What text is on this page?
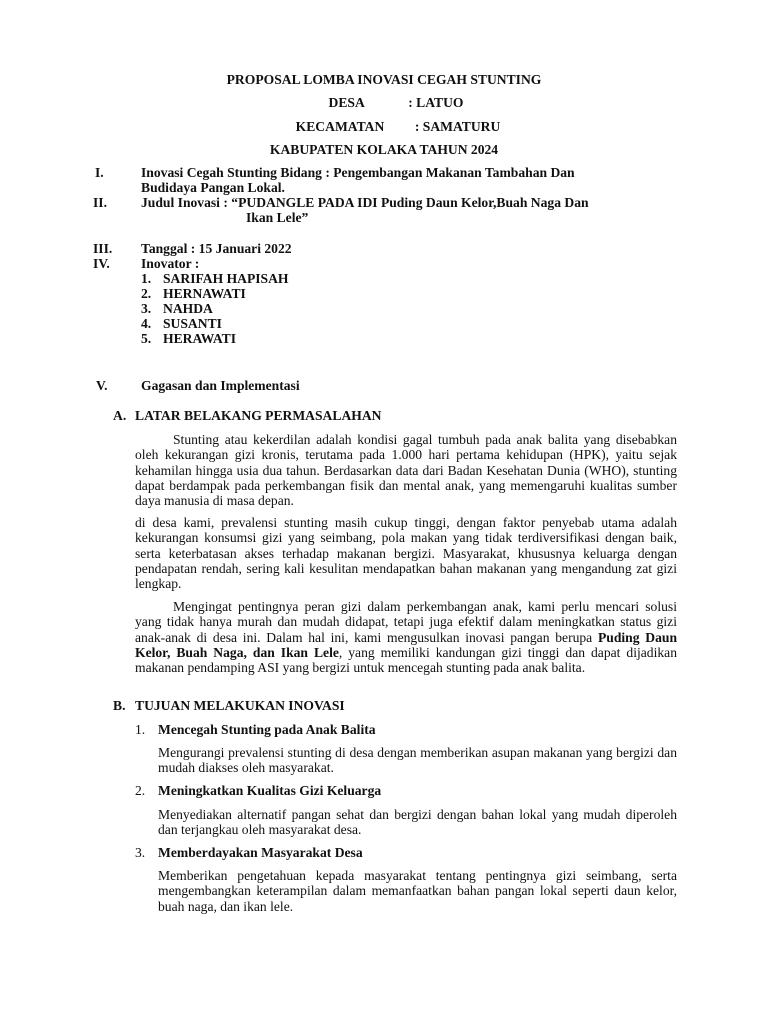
PROPOSAL LOMBA INOVASI CEGAH STUNTING
DESA             : LATUO
KECAMATAN         : SAMATURU
KABUPATEN KOLAKA TAHUN 2024
I.	Inovasi Cegah Stunting Bidang : Pengembangan Makanan Tambahan Dan
Budidaya Pangan Lokal.
II.	Judul Inovasi : “PUDANGLE PADA IDI Puding Daun Kelor,Buah Naga Dan
Ikan Lele”
III. Tanggal : 15 Januari 2022
IV. Inovator :
1. SARIFAH HAPISAH
2. HERNAWATI
3. NAHDA
4. SUSANTI
5. HERAWATI
V. Gagasan dan Implementasi
A. LATAR BELAKANG PERMASALAHAN
Stunting atau kekerdilan adalah kondisi gagal tumbuh pada anak balita yang disebabkan oleh kekurangan gizi kronis, terutama pada 1.000 hari pertama kehidupan (HPK), yaitu sejak kehamilan hingga usia dua tahun. Berdasarkan data dari Badan Kesehatan Dunia (WHO), stunting dapat berdampak pada perkembangan fisik dan mental anak, yang memengaruhi kualitas sumber daya manusia di masa depan.
di desa kami, prevalensi stunting masih cukup tinggi, dengan faktor penyebab utama adalah kekurangan konsumsi gizi yang seimbang, pola makan yang tidak terdiversifikasi dengan baik, serta keterbatasan akses terhadap makanan bergizi. Masyarakat, khususnya keluarga dengan pendapatan rendah, sering kali kesulitan mendapatkan bahan makanan yang mengandung zat gizi lengkap.
Mengingat pentingnya peran gizi dalam perkembangan anak, kami perlu mencari solusi yang tidak hanya murah dan mudah didapat, tetapi juga efektif dalam meningkatkan status gizi anak-anak di desa ini. Dalam hal ini, kami mengusulkan inovasi pangan berupa Puding Daun Kelor, Buah Naga, dan Ikan Lele, yang memiliki kandungan gizi tinggi dan dapat dijadikan makanan pendamping ASI yang bergizi untuk mencegah stunting pada anak balita.
B. TUJUAN MELAKUKAN INOVASI
1. Mencegah Stunting pada Anak Balita
Mengurangi prevalensi stunting di desa dengan memberikan asupan makanan yang bergizi dan mudah diakses oleh masyarakat.
2. Meningkatkan Kualitas Gizi Keluarga
Menyediakan alternatif pangan sehat dan bergizi dengan bahan lokal yang mudah diperoleh dan terjangkau oleh masyarakat desa.
3. Memberdayakan Masyarakat Desa
Memberikan pengetahuan kepada masyarakat tentang pentingnya gizi seimbang, serta mengembangkan keterampilan dalam memanfaatkan bahan pangan lokal seperti daun kelor, buah naga, dan ikan lele.
